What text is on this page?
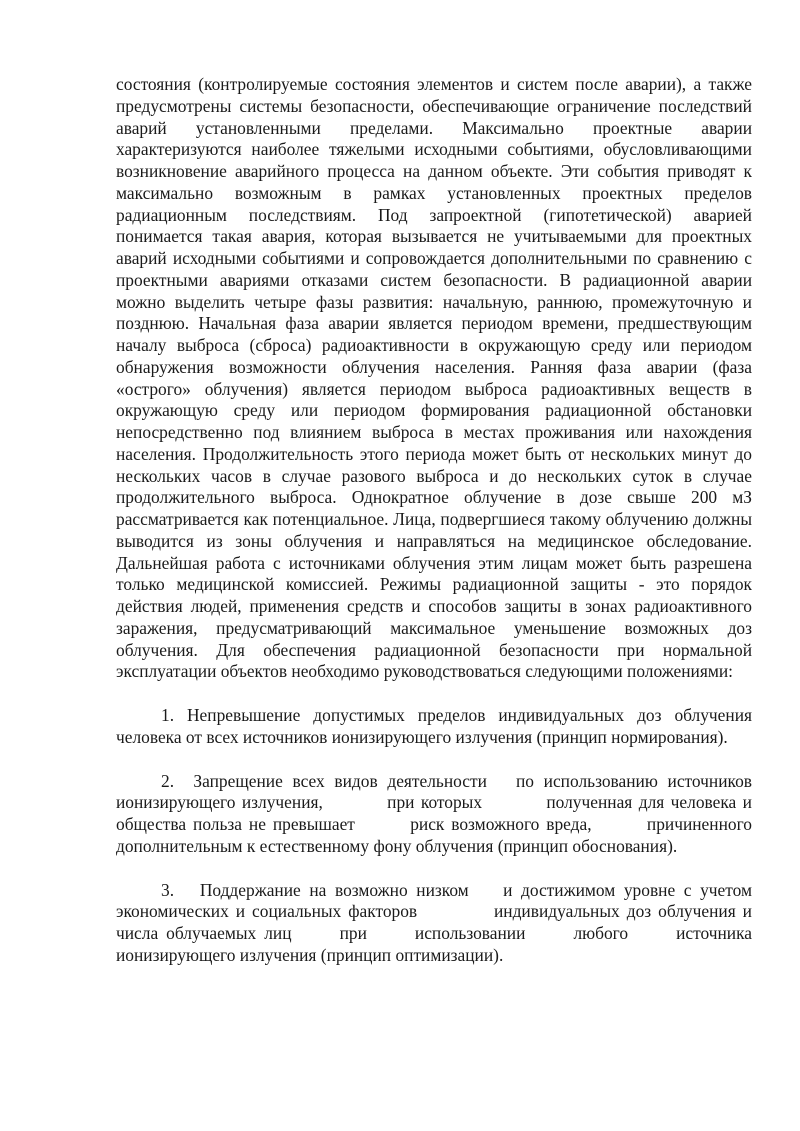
состояния (контролируемые состояния элементов и систем после аварии), а также предусмотрены системы безопасности, обеспечивающие ограничение последствий аварий установленными пределами. Максимально проектные аварии характеризуются наиболее тяжелыми исходными событиями, обусловливающими возникновение аварийного процесса на данном объекте. Эти события приводят к максимально возможным в рамках установленных проектных пределов радиационным последствиям. Под запроектной (гипотетической) аварией понимается такая авария, которая вызывается не учитываемыми для проектных аварий исходными событиями и сопровождается дополнительными по сравнению с проектными авариями отказами систем безопасности. В радиационной аварии можно выделить четыре фазы развития: начальную, раннюю, промежуточную и позднюю. Начальная фаза аварии является периодом времени, предшествующим началу выброса (сброса) радиоактивности в окружающую среду или периодом обнаружения возможности облучения населения. Ранняя фаза аварии (фаза «острого» облучения) является периодом выброса радиоактивных веществ в окружающую среду или периодом формирования радиационной обстановки непосредственно под влиянием выброса в местах проживания или нахождения населения. Продолжительность этого периода может быть от нескольких минут до нескольких часов в случае разового выброса и до нескольких суток в случае продолжительного выброса. Однократное облучение в дозе свыше 200 мЗ рассматривается как потенциальное. Лица, подвергшиеся такому облучению должны выводится из зоны облучения и направляться на медицинское обследование. Дальнейшая работа с источниками облучения этим лицам может быть разрешена только медицинской комиссией. Режимы радиационной защиты - это порядок действия людей, применения средств и способов защиты в зонах радиоактивного заражения, предусматривающий максимальное уменьшение возможных доз облучения. Для обеспечения радиационной безопасности при нормальной эксплуатации объектов необходимо руководствоваться следующими положениями:

1. Непревышение допустимых пределов индивидуальных доз облучения человека от всех источников ионизирующего излучения (принцип нормирования).

2.  Запрещение всех видов деятельности   по использованию источников ионизирующего излучения,          при которых          полученная для человека и общества польза не превышает        риск возможного вреда,        причиненного дополнительным к естественному фону облучения (принцип обоснования).

3.   Поддержание на возможно низком    и достижимом уровне с учетом экономических и социальных факторов           индивидуальных доз облучения и числа облучаемых лиц      при      использовании      любого      источника ионизирующего излучения (принцип оптимизации).
